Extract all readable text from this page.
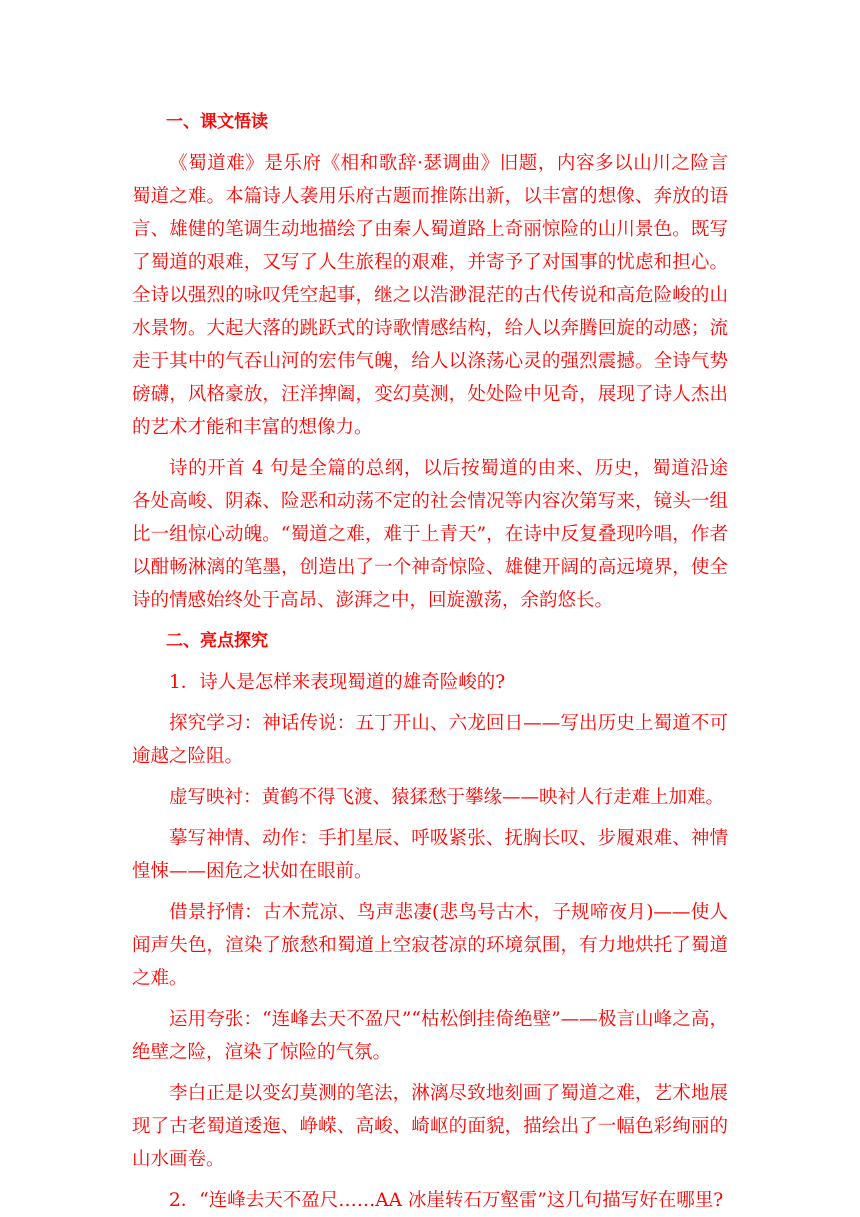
一、课文悟读

《蜀道难》是乐府《相和歌辞·瑟调曲》旧题，内容多以山川之险言蜀道之难。本篇诗人袭用乐府古题而推陈出新，以丰富的想像、奔放的语言、雄健的笔调生动地描绘了由秦人蜀道路上奇丽惊险的山川景色。既写了蜀道的艰难，又写了人生旅程的艰难，并寄予了对国事的忧虑和担心。全诗以强烈的咏叹凭空起事，继之以浩渺混茫的古代传说和高危险峻的山水景物。大起大落的跳跃式的诗歌情感结构，给人以奔腾回旋的动感；流走于其中的气吞山河的宏伟气魄，给人以涤荡心灵的强烈震撼。全诗气势磅礴，风格豪放，汪洋捭阖，变幻莫测，处处险中见奇，展现了诗人杰出的艺术才能和丰富的想像力。

诗的开首 4 句是全篇的总纲，以后按蜀道的由来、历史，蜀道沿途各处高峻、阴森、险恶和动荡不定的社会情况等内容次第写来，镜头一组比一组惊心动魄。“蜀道之难，难于上青天”，在诗中反复叠现吟唱，作者以酣畅淋漓的笔墨，创造出了一个神奇惊险、雄健开阔的高远境界，使全诗的情感始终处于高昂、澎湃之中，回旋激荡，余韵悠长。

二、亮点探究

1．诗人是怎样来表现蜀道的雄奇险峻的?

探究学习：神话传说：五丁开山、六龙回日——写出历史上蜀道不可逾越之险阻。

虚写映衬：黄鹤不得飞渡、猿猱愁于攀缘——映衬人行走难上加难。

摹写神情、动作：手扪星辰、呼吸紧张、抚胸长叹、步履艰难、神情惶悚——困危之状如在眼前。

借景抒情：古木荒凉、鸟声悲凄(悲鸟号古木，子规啼夜月)——使人闻声失色，渲染了旅愁和蜀道上空寂苍凉的环境氛围，有力地烘托了蜀道之难。

运用夸张：“连峰去天不盈尺”“枯松倒挂倚绝壁”——极言山峰之高，绝壁之险，渲染了惊险的气氛。

李白正是以变幻莫测的笔法，淋漓尽致地刻画了蜀道之难，艺术地展现了古老蜀道逶迤、峥嵘、高峻、崎岖的面貌，描绘出了一幅色彩绚丽的山水画卷。

2．“连峰去天不盈尺……AA 冰崖转石万壑雷”这几句描写好在哪里?
